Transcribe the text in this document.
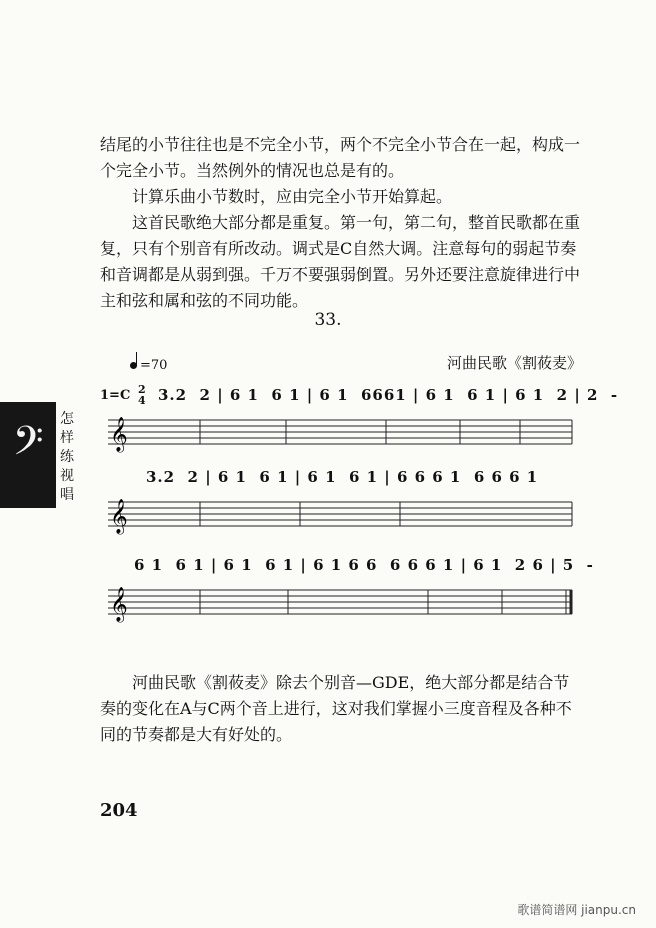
结尾的小节往往也是不完全小节，两个不完全小节合在一起，构成一个完全小节。当然例外的情况也总是有的。

计算乐曲小节数时，应由完全小节开始算起。

这首民歌绝大部分都是重复。第一句，第二句，整首民歌都在重复，只有个别音有所改动。调式是C自然大调。注意每句的弱起节奏和音调都是从弱到强。千万不要强弱倒置。另外还要注意旋律进行中主和弦和属和弦的不同功能。

33.
=70	河曲民歌《割莜麦》
𝄢	怎
样
练
视
唱
1=C 2
4 3.2  2 | 6 1  6 1 | 6 1  6661 | 6 1  6 1 | 6 1  2 | 2  -
3.2  2 | 6 1  6 1 | 6 1  6 1 | 6 6 6 1  6 6 6 1
6 1  6 1 | 6 1  6 1 | 6 1 6 6  6 6 6 1 | 6 1  2 6 | 5  -
𝄞
𝄞
𝄞

河曲民歌《割莜麦》除去个别音—GDE，绝大部分都是结合节奏的变化在A与C两个音上进行，这对我们掌握小三度音程及各种不同的节奏都是大有好处的。

204
歌谱简谱网 jianpu.cn
